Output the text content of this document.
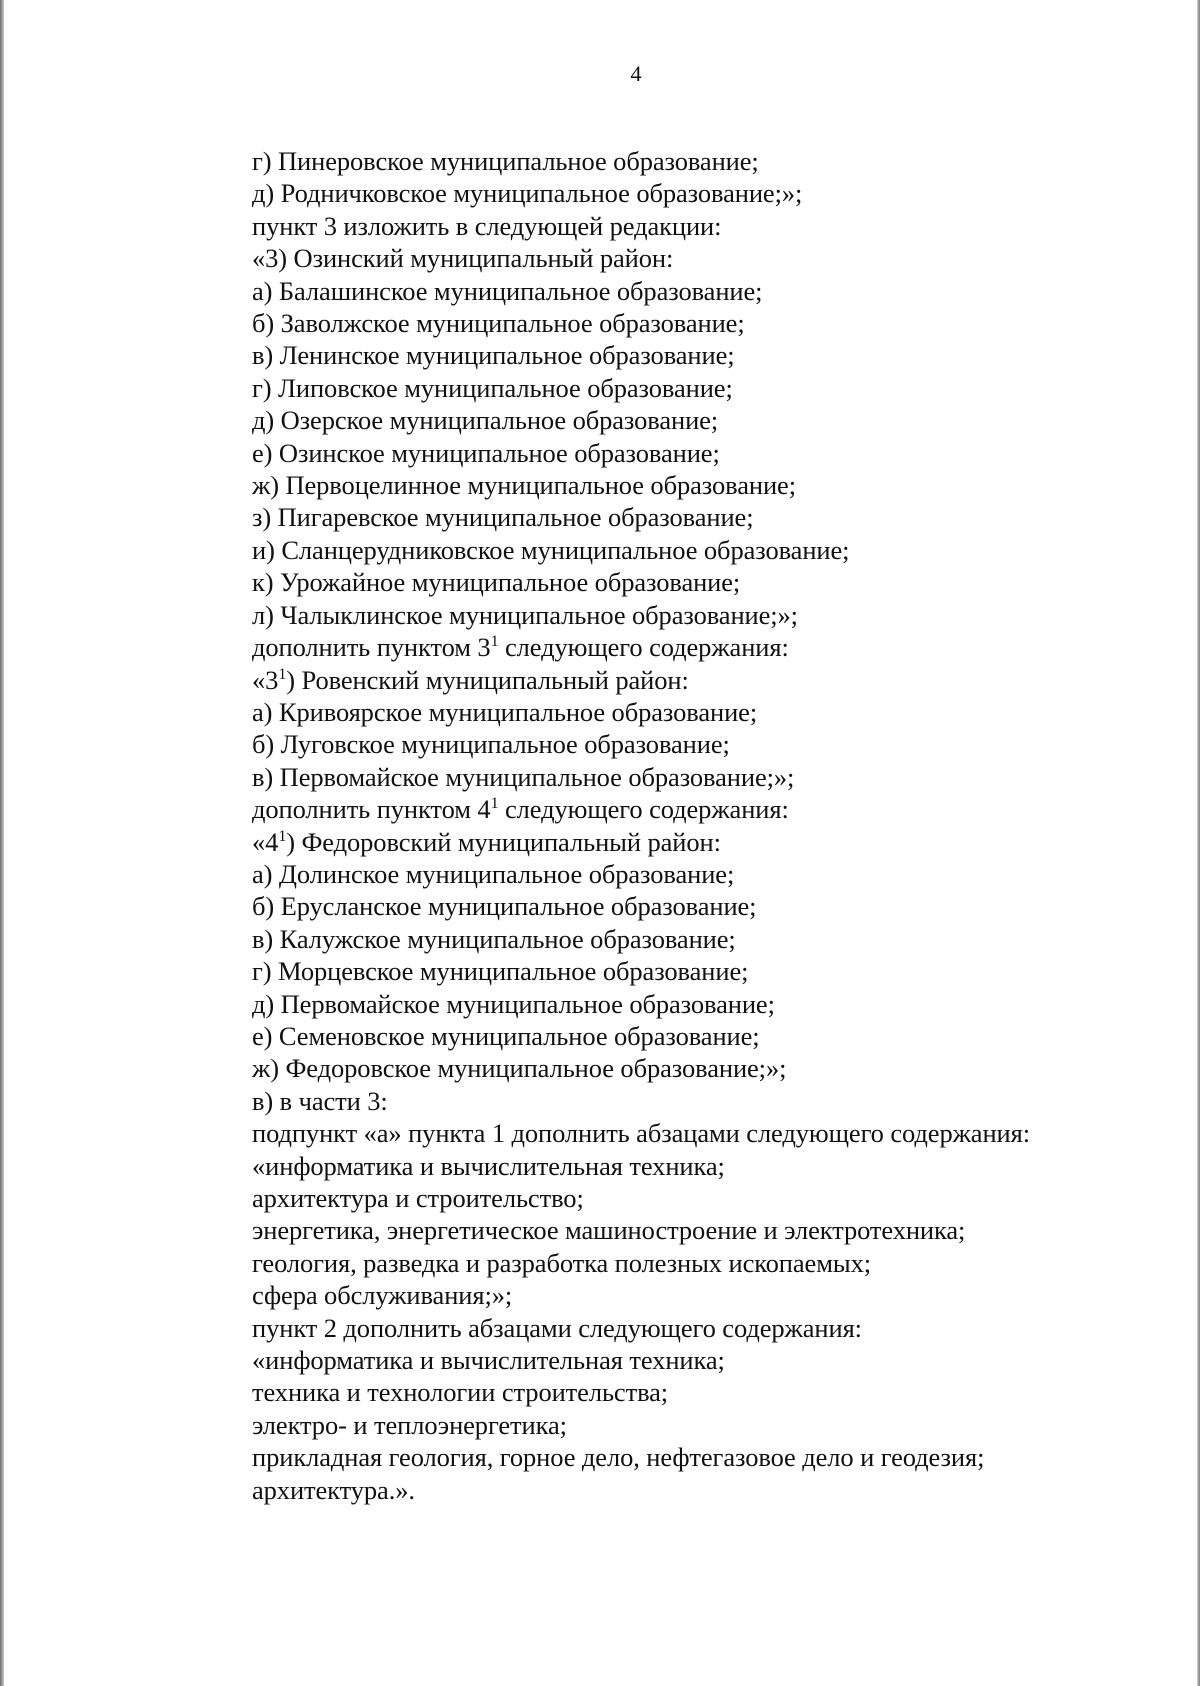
4
г) Пинеровское муниципальное образование;
д) Родничковское муниципальное образование;»;
пункт 3 изложить в следующей редакции:
«3) Озинский муниципальный район:
а) Балашинское муниципальное образование;
б) Заволжское муниципальное образование;
в) Ленинское муниципальное образование;
г) Липовское муниципальное образование;
д) Озерское муниципальное образование;
е) Озинское муниципальное образование;
ж) Первоцелинное муниципальное образование;
з) Пигаревское муниципальное образование;
и) Сланцерудниковское муниципальное образование;
к) Урожайное муниципальное образование;
л) Чалыклинское муниципальное образование;»;
дополнить пунктом $3^1$ следующего содержания:
«$3^1$) Ровенский муниципальный район:
а) Кривоярское муниципальное образование;
б) Луговское муниципальное образование;
в) Первомайское муниципальное образование;»;
дополнить пунктом $4^1$ следующего содержания:
«$4^1$) Федоровский муниципальный район:
а) Долинское муниципальное образование;
б) Ерусланское муниципальное образование;
в) Калужское муниципальное образование;
г) Морцевское муниципальное образование;
д) Первомайское муниципальное образование;
е) Семеновское муниципальное образование;
ж) Федоровское муниципальное образование;»;
в) в части 3:
подпункт «а» пункта 1 дополнить абзацами следующего содержания:
«информатика и вычислительная техника;
архитектура и строительство;
энергетика, энергетическое машиностроение и электротехника;
геология, разведка и разработка полезных ископаемых;
сфера обслуживания;»;
пункт 2 дополнить абзацами следующего содержания:
«информатика и вычислительная техника;
техника и технологии строительства;
электро- и теплоэнергетика;
прикладная геология, горное дело, нефтегазовое дело и геодезия;
архитектура.».
